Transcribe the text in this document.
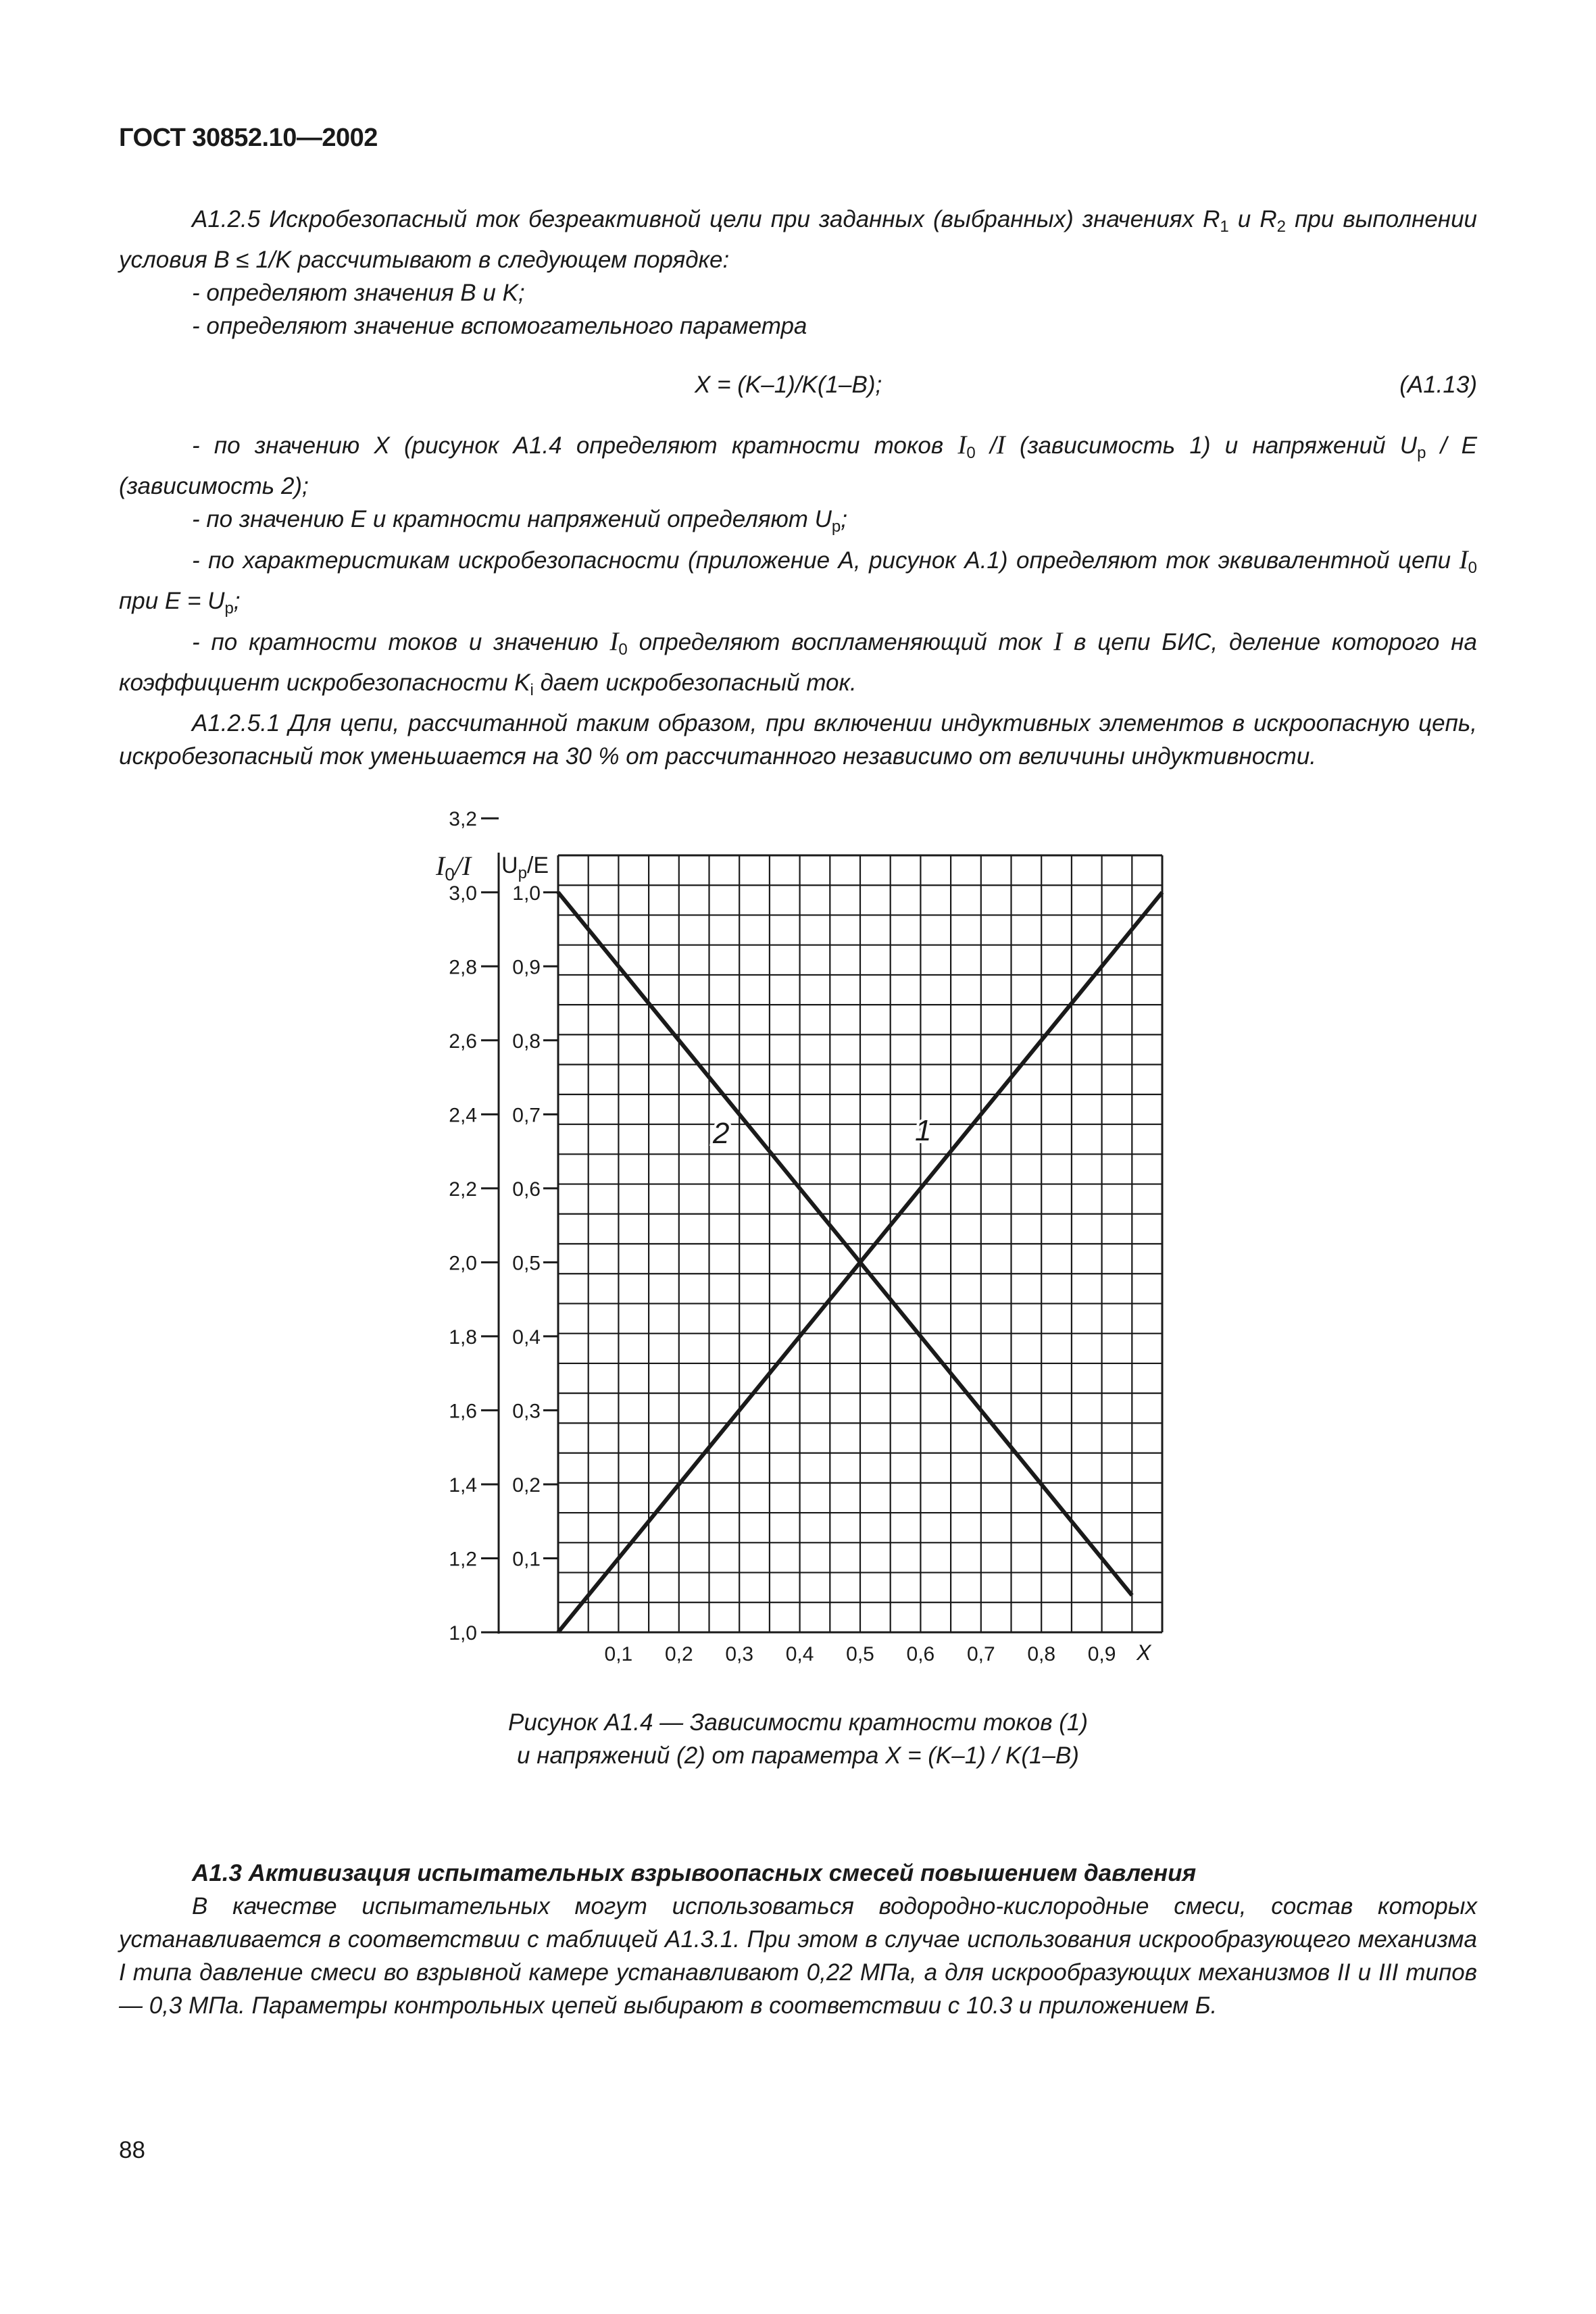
ГОСТ 30852.10—2002

А1.2.5 Искробезопасный ток безреактивной цели при заданных (выбранных) значениях $R_1$ и $R_2$ при выполнении условия B ≤ 1/K рассчитывают в следующем порядке:

- определяют значения B и K;

- определяют значение вспомогательного параметра

X = (K–1)/K(1–B);	(А1.13)

- по значению X (рисунок А1.4 определяют кратности токов $I_0$ /I (зависимость 1) и напряжений $U_p$ / E (зависимость 2);

- по значению E и кратности напряжений определяют $U_p$;

- по характеристикам искробезопасности (приложение А, рисунок А.1) определяют ток эквивалентной цепи $I_0$ при $E = U_p$;

- по кратности токов и значению $I_0$ определяют воспламеняющий ток I в цепи БИС, деление которого на коэффициент искробезопасности $K_i$ дает искробезопасный ток.

А1.2.5.1 Для цепи, рассчитанной таким образом, при включении индуктивных элементов в искроопасную цепь, искробезопасный ток уменьшается на 30 % от рассчитанного независимо от величины индуктивности.

1,0
1,2
1,4
1,6
1,8
2,0
2,2
2,4
2,6
2,8
3,0
3,2
0,1
0,2
0,3
0,4
0,5
0,6
0,7
0,8
0,9
1,0
0,1 0,2 0,3 0,4 0,5 0,6 0,7 0,8 0,9
$I_0/I$ $U_p/E$
X
2	1
Рисунок А1.4 — Зависимости кратности токов (1)
и напряжений (2) от параметра X = (K–1) / K(1–B)

А1.3 Активизация испытательных взрывоопасных смесей повышением давления

В качестве испытательных могут использоваться водородно-кислородные смеси, состав которых устанавливается в соответствии с таблицей А1.3.1. При этом в случае использования искрообразующего механизма I типа давление смеси во взрывной камере устанавливают 0,22 МПа, а для искрообразующих механизмов II и III типов — 0,3 МПа. Параметры контрольных цепей выбирают в соответствии с 10.3 и приложением Б.

88
